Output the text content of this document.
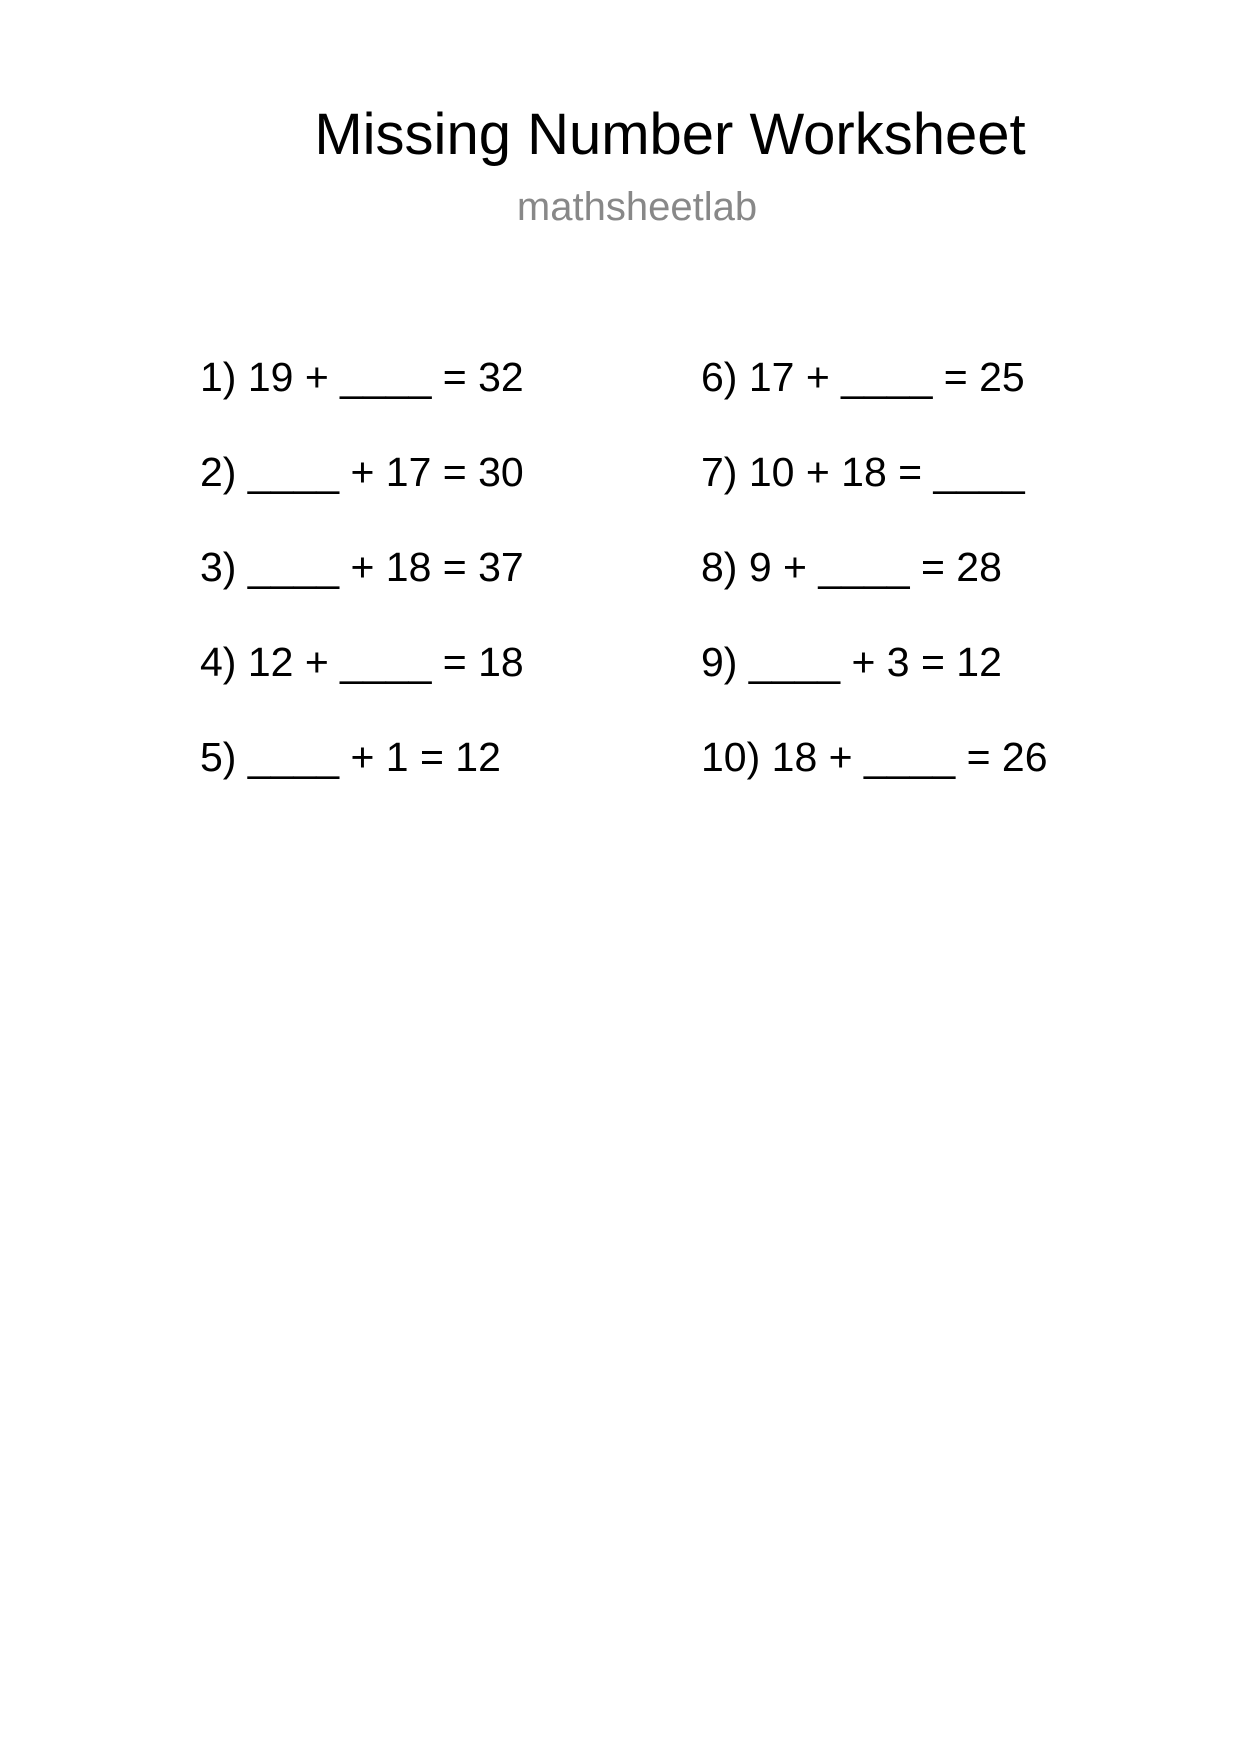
Missing Number Worksheet
mathsheetlab
1) 19 + ____ = 32
2) ____ + 17 = 30
3) ____ + 18 = 37
4) 12 + ____ = 18
5) ____ + 1 = 12
6) 17 + ____ = 25
7) 10 + 18 = ____
8) 9 + ____ = 28
9) ____ + 3 = 12
10) 18 + ____ = 26
